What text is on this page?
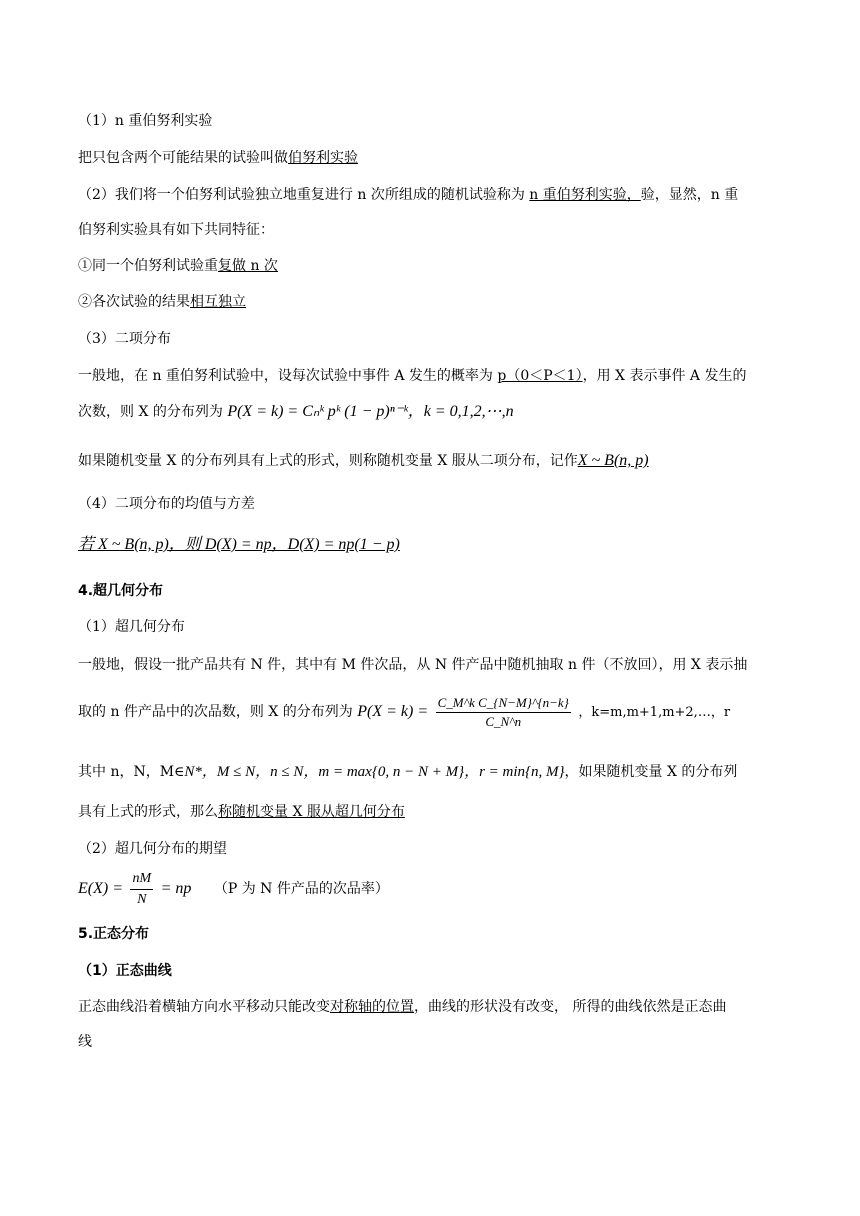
（1）n 重伯努利实验
把只包含两个可能结果的试验叫做伯努利实验
（2）我们将一个伯努利试验独立地重复进行 n 次所组成的随机试验称为 n 重伯努利实验，验，显然，n 重
伯努利实验具有如下共同特征：
①同一个伯努利试验重复做 n 次
②各次试验的结果相互独立
（3）二项分布
一般地，在 n 重伯努利试验中，设每次试验中事件 A 发生的概率为 p（0＜P＜1），用 X 表示事件 A 发生的
次数，则 X 的分布列为 P(X = k) = Cₙᵏ pᵏ (1 − p)ⁿ⁻ᵏ，k = 0,1,2,⋯,n
如果随机变量 X 的分布列具有上式的形式，则称随机变量 X 服从二项分布，记作X ~ B(n, p)
（4）二项分布的均值与方差
若 X ~ B(n, p)，则 D(X) = np，D(X) = np(1 − p)
4.超几何分布
（1）超几何分布
一般地，假设一批产品共有 N 件，其中有 M 件次品，从 N 件产品中随机抽取 n 件（不放回），用 X 表示抽
取的 n 件产品中的次品数，则 X 的分布列为 $P(X = k) = \frac{\text{C\_M\textasciicircum{}k C\_\{N−M\}\textasciicircum{}\{n−k\}}}{C\_N\^{}n}$ ，k=m,m+1,m+2,…，r
其中 n，N，M∈N*，M ≤ N，n ≤ N，m = max{0, n − N + M}，r = min{n, M}，如果随机变量 X 的分布列
具有上式的形式，那么称随机变量 X 服从超几何分布
（2）超几何分布的期望
$E(X) = \frac{nM}{N}$ = np （P 为 N 件产品的次品率）
5.正态分布
（1）正态曲线
正态曲线沿着横轴方向水平移动只能改变对称轴的位置，曲线的形状没有改变， 所得的曲线依然是正态曲
线
